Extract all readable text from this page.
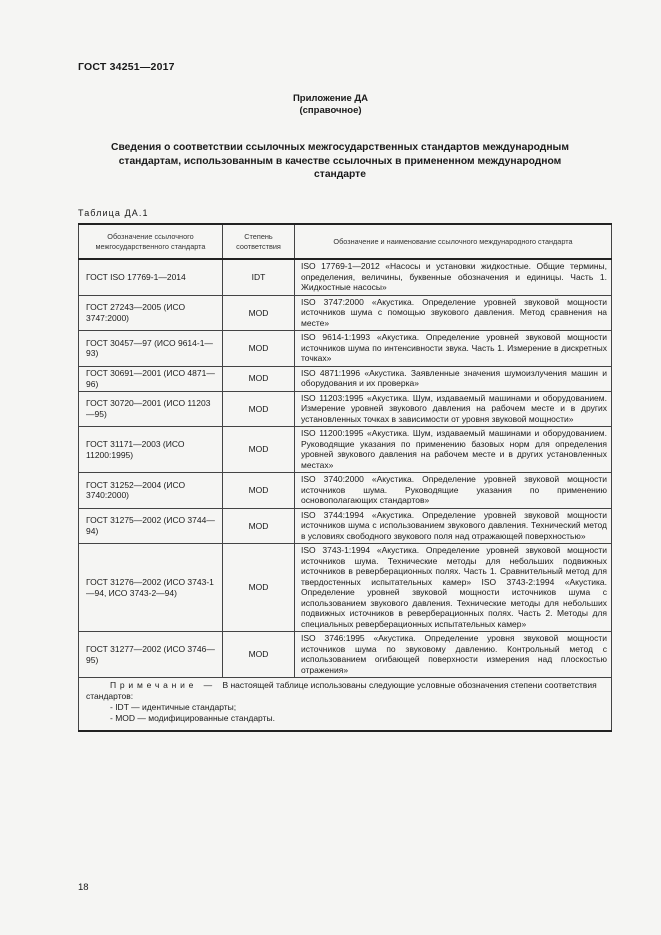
ГОСТ 34251—2017
Приложение ДА
(справочное)
Сведения о соответствии ссылочных межгосударственных стандартов международным стандартам, использованным в качестве ссылочных в примененном международном стандарте
Таблица ДА.1
Обозначение ссылочного межгосударственного стандарта	Степень соответствия	Обозначение и наименование ссылочного международного стандарта
ГОСТ ISO 17769-1—2014	IDT	ISO 17769-1—2012 «Насосы и установки жидкостные. Общие термины, определения, величины, буквенные обозначения и единицы. Часть 1. Жидкостные насосы»
ГОСТ 27243—2005 (ИСО 3747:2000)	MOD	ISO 3747:2000 «Акустика. Определение уровней звуковой мощности источников шума с помощью звукового давления. Метод сравнения на месте»
ГОСТ 30457—97 (ИСО 9614-1—93)	MOD	ISO 9614-1:1993 «Акустика. Определение уровней звуковой мощности источников шума по интенсивности звука. Часть 1. Измерение в дискретных точках»
ГОСТ 30691—2001 (ИСО 4871—96)	MOD	ISO 4871:1996 «Акустика. Заявленные значения шумоизлучения машин и оборудования и их проверка»
ГОСТ 30720—2001 (ИСО 11203—95)	MOD	ISO 11203:1995 «Акустика. Шум, издаваемый машинами и оборудованием. Измерение уровней звукового давления на рабочем месте и в других установленных точках в зависимости от уровня звуковой мощности»
ГОСТ 31171—2003 (ИСО 11200:1995)	MOD	ISO 11200:1995 «Акустика. Шум, издаваемый машинами и оборудованием. Руководящие указания по применению базовых норм для определения уровней звукового давления на рабочем месте и в других установленных местах»
ГОСТ 31252—2004 (ИСО 3740:2000)	MOD	ISO 3740:2000 «Акустика. Определение уровней звуковой мощности источников шума. Руководящие указания по применению основополагающих стандартов»
ГОСТ 31275—2002 (ИСО 3744—94)	MOD	ISO 3744:1994 «Акустика. Определение уровней звуковой мощности источников шума с использованием звукового давления. Технический метод в условиях свободного звукового поля над отражающей поверхностью»
ГОСТ 31276—2002 (ИСО 3743-1—94, ИСО 3743-2—94)	MOD	ISO 3743-1:1994 «Акустика. Определение уровней звуковой мощности источников шума. Технические методы для небольших подвижных источников в реверберационных полях. Часть 1. Сравнительный метод для твердостенных испытательных камер» ISO 3743-2:1994 «Акустика. Определение уровней звуковой мощности источников шума с использованием звукового давления. Технические методы для небольших подвижных источников в реверберационных полях. Часть 2. Методы для специальных реверберационных испытательных камер»
ГОСТ 31277—2002 (ИСО 3746—95)	MOD	ISO 3746:1995 «Акустика. Определение уровня звуковой мощности источников шума по звуковому давлению. Контрольный метод с использованием огибающей поверхности измерения над плоскостью отражения»

Примечание — В настоящей таблице использованы следующие условные обозначения степени соответствия стандартов:
- IDT — идентичные стандарты;
- MOD — модифицированные стандарты.		
18
